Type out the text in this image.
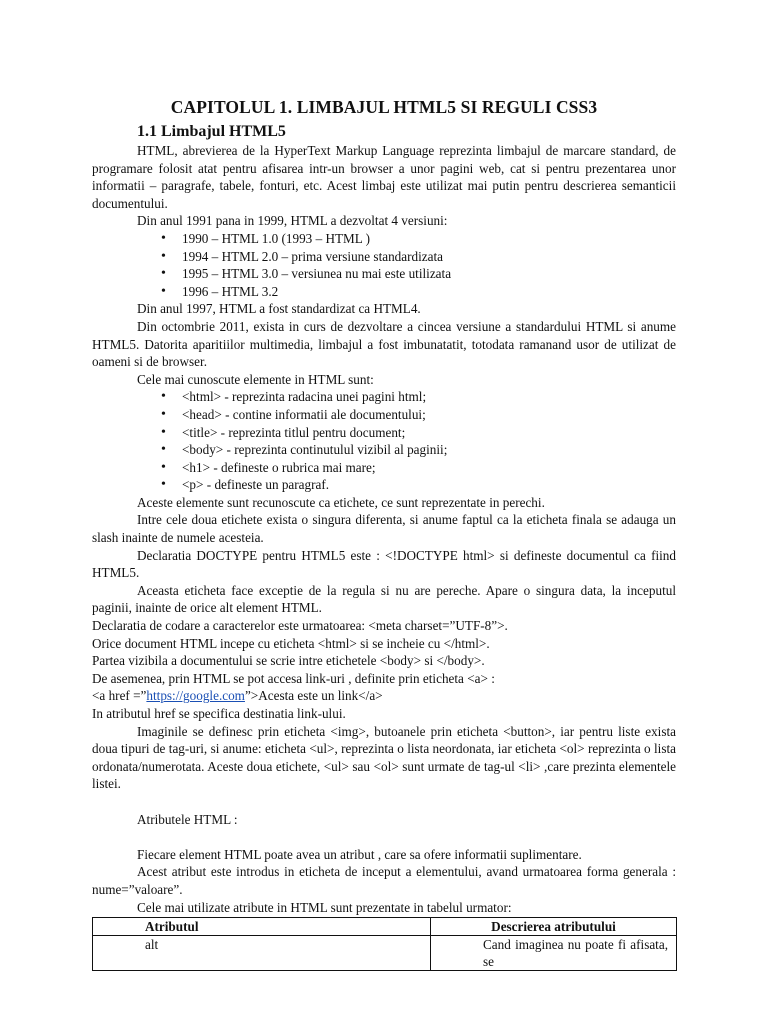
CAPITOLUL 1. LIMBAJUL HTML5 SI REGULI CSS3
1.1 Limbajul HTML5

HTML, abrevierea de la HyperText Markup Language reprezinta limbajul de marcare standard, de programare folosit atat pentru afisarea intr-un browser a unor pagini web, cat si pentru prezentarea unor informatii – paragrafe, tabele, fonturi, etc. Acest limbaj este utilizat mai putin pentru descrierea semanticii documentului.

Din anul 1991 pana in 1999, HTML a dezvoltat 4 versiuni:

• 1990 – HTML 1.0 (1993 – HTML )
• 1994 – HTML 2.0 – prima versiune standardizata
• 1995 – HTML 3.0 – versiunea nu mai este utilizata
• 1996 – HTML 3.2

Din anul 1997, HTML a fost standardizat ca HTML4.

Din octombrie 2011, exista in curs de dezvoltare a cincea versiune a standardului HTML si anume HTML5. Datorita aparitiilor multimedia, limbajul a fost imbunatatit, totodata ramanand usor de utilizat de oameni si de browser.

Cele mai cunoscute elemente in HTML sunt:

• <html> - reprezinta radacina unei pagini html;
• <head> - contine informatii ale documentului;
• <title> - reprezinta titlul pentru document;
• <body> - reprezinta continutulul vizibil al paginii;
• <h1> - defineste o rubrica mai mare;
• <p> - defineste un paragraf.

Aceste elemente sunt recunoscute ca etichete, ce sunt reprezentate in perechi.

Intre cele doua etichete exista o singura diferenta, si anume faptul ca la eticheta finala se adauga un slash inainte de numele acesteia.

Declaratia DOCTYPE pentru HTML5 este : <!DOCTYPE html> si defineste documentul ca fiind HTML5.

Aceasta eticheta face exceptie de la regula si nu are pereche. Apare o singura data, la inceputul paginii, inainte de orice alt element HTML.

Declaratia de codare a caracterelor este urmatoarea: <meta charset=”UTF-8”>.

Orice document HTML incepe cu eticheta <html> si se incheie cu </html>.

Partea vizibila a documentului se scrie intre etichetele <body> si </body>.

De asemenea, prin HTML se pot accesa link-uri , definite prin eticheta <a> :

<a href =”https://google.com”>Acesta este un link</a>

In atributul href se specifica destinatia link-ului.

Imaginile se definesc prin eticheta <img>, butoanele prin eticheta <button>, iar pentru liste exista doua tipuri de tag-uri, si anume: eticheta <ul>, reprezinta o lista neordonata, iar eticheta <ol> reprezinta o lista ordonata/numerotata. Aceste doua etichete, <ul> sau <ol> sunt urmate de tag-ul <li> ,care prezinta elementele listei.

Atributele HTML :

Fiecare element HTML poate avea un atribut , care sa ofere informatii suplimentare.

Acest atribut este introdus in eticheta de inceput a elementului, avand urmatoarea forma generala : nume=”valoare”.

Cele mai utilizate atribute in HTML sunt prezentate in tabelul urmator:

Atributul	Descrierea atributului
alt	Cand imaginea nu poate fi afisata, se
